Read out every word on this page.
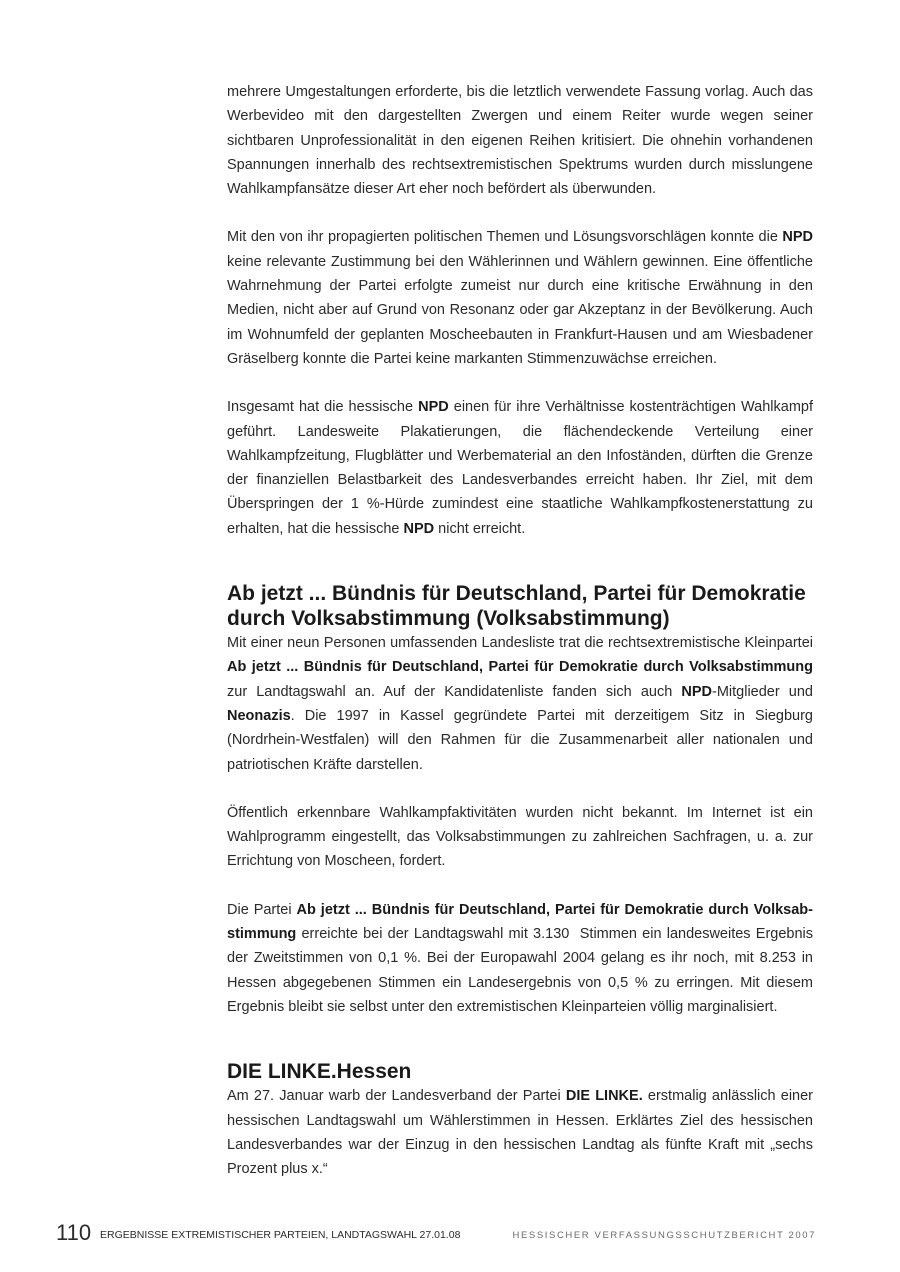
mehrere Umgestaltungen erforderte, bis die letztlich verwendete Fassung vorlag. Auch das Werbevideo mit den dargestellten Zwergen und einem Reiter wurde wegen seiner sichtbaren Unprofessionalität in den eigenen Reihen kritisiert. Die ohnehin vorhandenen Spannungen innerhalb des rechtsextremistischen Spektrums wurden durch misslungene Wahlkampfansätze dieser Art eher noch befördert als überwunden.

Mit den von ihr propagierten politischen Themen und Lösungsvorschlägen konnte die NPD keine relevante Zustimmung bei den Wählerinnen und Wählern gewinnen. Eine öffentliche Wahrnehmung der Partei erfolgte zumeist nur durch eine kritische Erwähnung in den Medien, nicht aber auf Grund von Resonanz oder gar Akzeptanz in der Bevölkerung. Auch im Wohnumfeld der geplanten Moscheebauten in Frankfurt-Hausen und am Wiesbadener Gräselberg konnte die Partei keine markanten Stimmenzuwächse erreichen.

Insgesamt hat die hessische NPD einen für ihre Verhältnisse kostenträchtigen Wahlkampf geführt. Landesweite Plakatierungen, die flächendeckende Verteilung einer Wahlkampfzeitung, Flugblätter und Werbematerial an den Infoständen, dürften die Grenze der finanziellen Belastbarkeit des Landesverbandes erreicht haben. Ihr Ziel, mit dem Überspringen der 1 %-Hürde zumindest eine staatliche Wahlkampfkostenerstattung zu erhalten, hat die hessische NPD nicht erreicht.

Ab jetzt ... Bündnis für Deutschland, Partei für Demokratie durch Volksabstimmung (Volksabstimmung)

Mit einer neun Personen umfassenden Landesliste trat die rechtsextremistische Kleinpartei Ab jetzt ... Bündnis für Deutschland, Partei für Demokratie durch Volksabstimmung zur Landtagswahl an. Auf der Kandidatenliste fanden sich auch NPD-Mitglieder und Neonazis. Die 1997 in Kassel gegründete Partei mit derzeitigem Sitz in Siegburg (Nordrhein-Westfalen) will den Rahmen für die Zusammenarbeit aller nationalen und patriotischen Kräfte darstellen.

Öffentlich erkennbare Wahlkampfaktivitäten wurden nicht bekannt. Im Internet ist ein Wahlprogramm eingestellt, das Volksabstimmungen zu zahlreichen Sachfragen, u. a. zur Errichtung von Moscheen, fordert.

Die Partei Ab jetzt ... Bündnis für Deutschland, Partei für Demokratie durch Volksabstimmung erreichte bei der Landtagswahl mit 3.130  Stimmen ein landesweites Ergebnis der Zweitstimmen von 0,1 %. Bei der Europawahl 2004 gelang es ihr noch, mit 8.253 in Hessen abgegebenen Stimmen ein Landesergebnis von 0,5 % zu erringen. Mit diesem Ergebnis bleibt sie selbst unter den extremistischen Kleinparteien völlig marginalisiert.

DIE LINKE.Hessen

Am 27. Januar warb der Landesverband der Partei DIE LINKE. erstmalig anlässlich einer hessischen Landtagswahl um Wählerstimmen in Hessen. Erklärtes Ziel des hessischen Landesverbandes war der Einzug in den hessischen Landtag als fünfte Kraft mit „sechs Prozent plus x.“

110 ERGEBNISSE EXTREMISTISCHER PARTEIEN, LANDTAGSWAHL 27.01.08	HESSISCHER VERFASSUNGSSCHUTZBERICHT 2007
